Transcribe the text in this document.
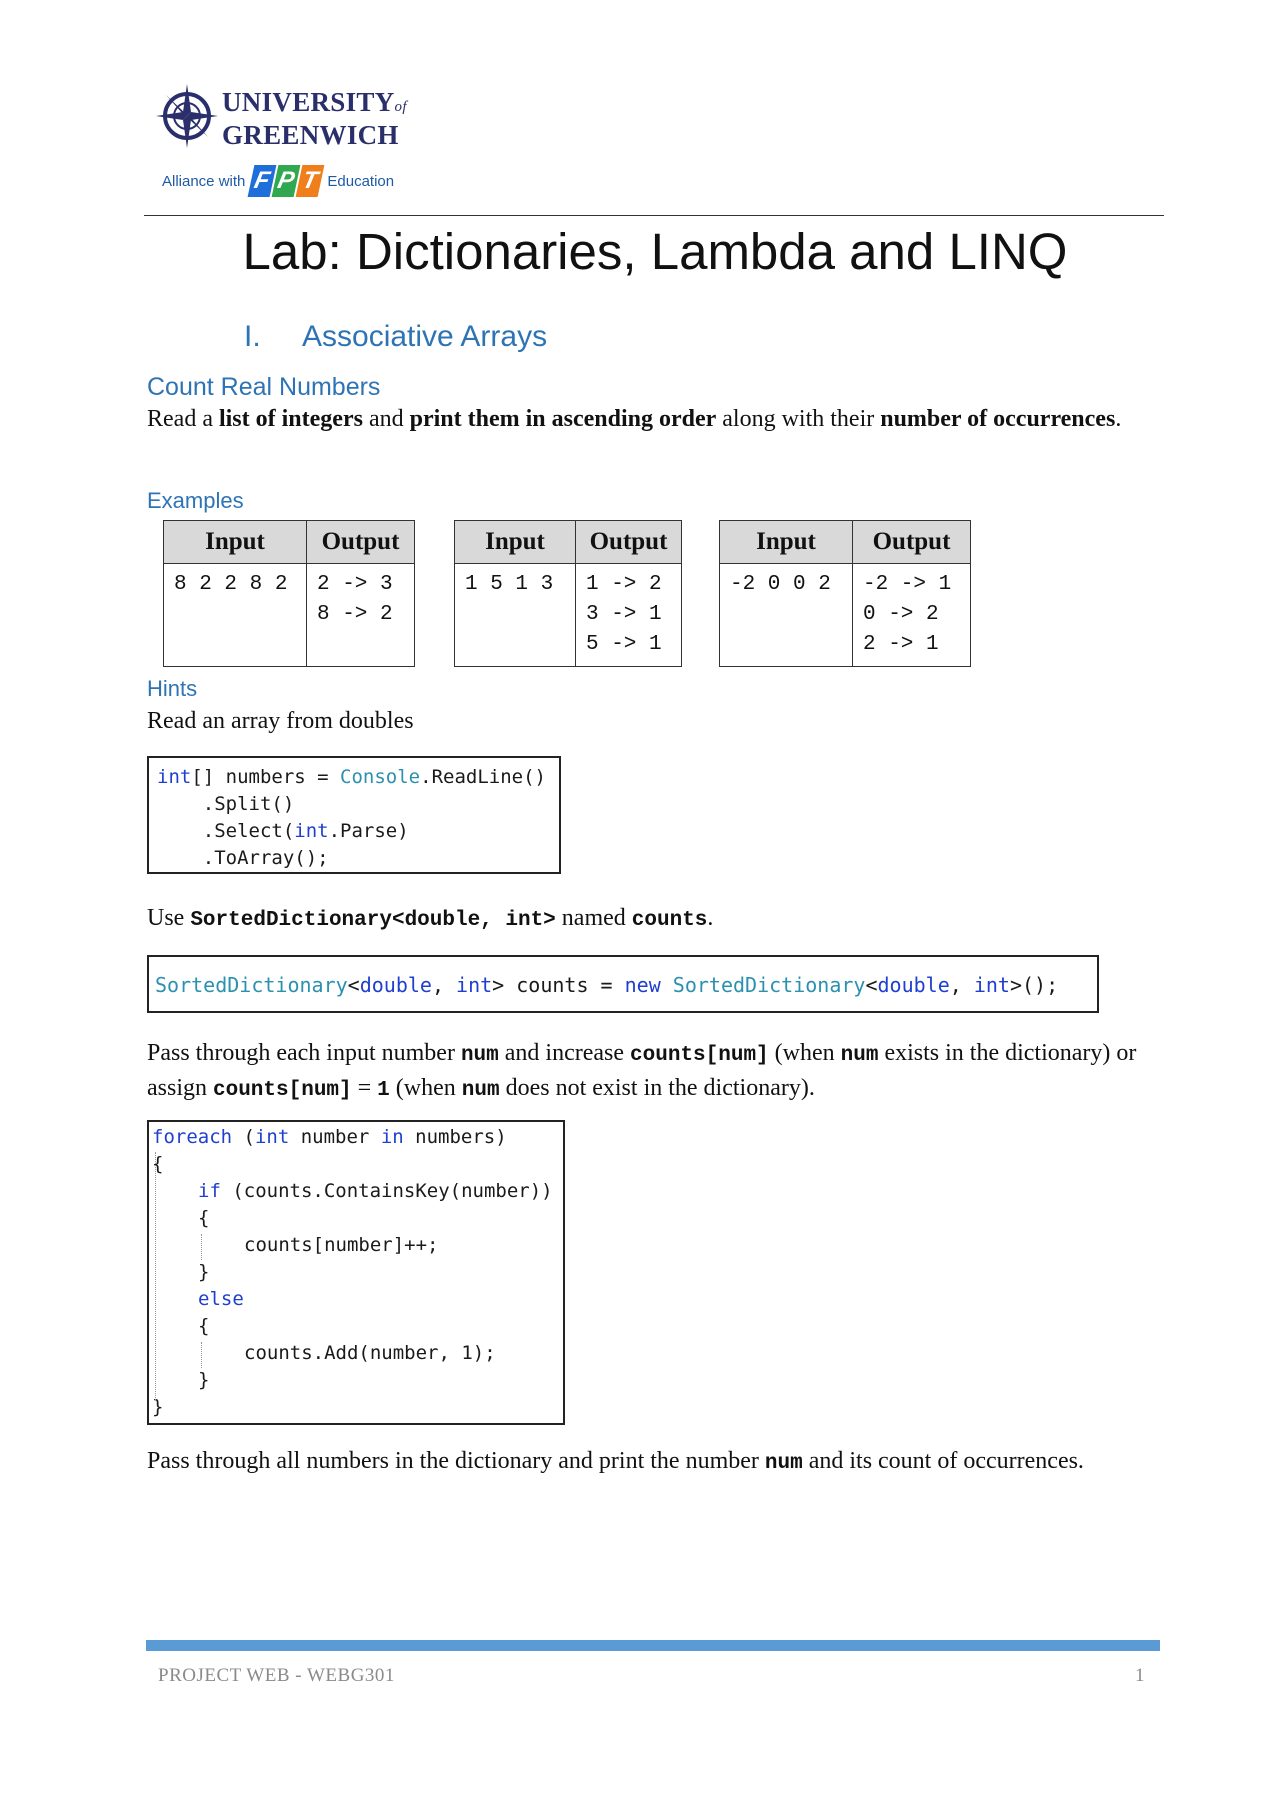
UNIVERSITYof
GREENWICH
Alliance with F P T Education
Lab: Dictionaries, Lambda and LINQ
I. Associative Arrays
Count Real Numbers
Read a list of integers and print them in ascending order along with their number of occurrences.
Examples
Input	Output
8 2 2 8 2	2 -> 3
8 -> 2
Input	Output
1 5 1 3	1 -> 2
3 -> 1
5 -> 1
Input	Output
-2 0 0 2	-2 -> 1
0 -> 2
2 -> 1
Hints
Read an array from doubles
int[] numbers = Console.ReadLine()
.Split()
.Select(int.Parse)
.ToArray();
Use SortedDictionary<double, int> named counts.
SortedDictionary<double, int> counts = new SortedDictionary<double, int>();
Pass through each input number num and increase counts[num] (when num exists in the dictionary) or assign counts[num] = 1 (when num does not exist in the dictionary).
foreach (int number in numbers)
{
if (counts.ContainsKey(number))
{
counts[number]++;
}
else
{
counts.Add(number, 1);
}
}
Pass through all numbers in the dictionary and print the number num and its count of occurrences.
PROJECT WEB - WEBG301	1
